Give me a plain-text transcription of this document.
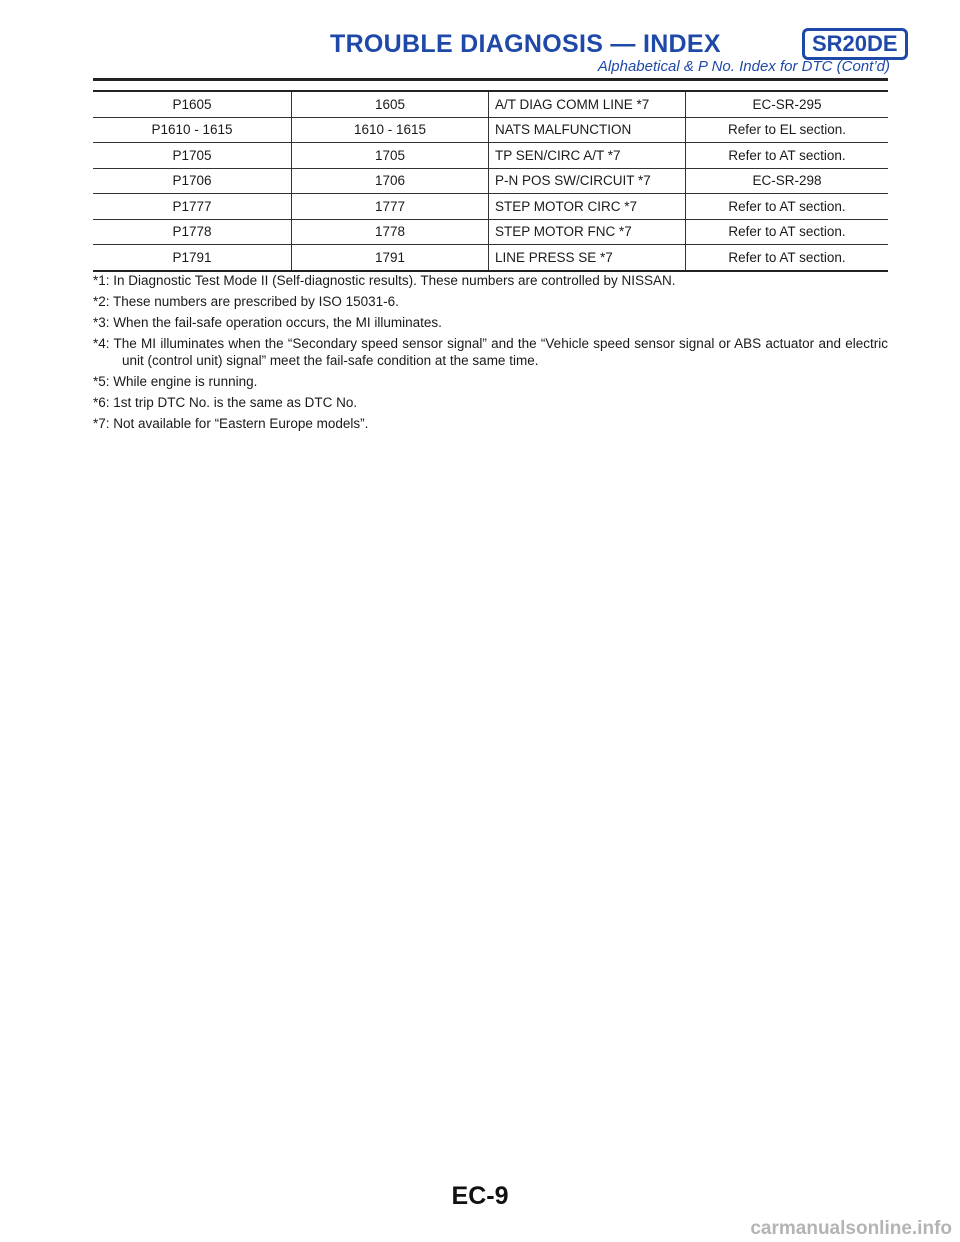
TROUBLE DIAGNOSIS — INDEX	SR20DE
Alphabetical & P No. Index for DTC (Cont’d)
P1605	1605	A/T DIAG COMM LINE *7	EC-SR-295
P1610 - 1615	1610 - 1615	NATS MALFUNCTION	Refer to EL section.
P1705	1705	TP SEN/CIRC A/T *7	Refer to AT section.
P1706	1706	P-N POS SW/CIRCUIT *7	EC-SR-298
P1777	1777	STEP MOTOR CIRC *7	Refer to AT section.
P1778	1778	STEP MOTOR FNC *7	Refer to AT section.
P1791	1791	LINE PRESS SE *7	Refer to AT section.

*1: In Diagnostic Test Mode II (Self-diagnostic results). These numbers are controlled by NISSAN.

*2: These numbers are prescribed by ISO 15031-6.

*3: When the fail-safe operation occurs, the MI illuminates.

*4: The MI illuminates when the “Secondary speed sensor signal” and the “Vehicle speed sensor signal or ABS actuator and electric unit (control unit) signal” meet the fail-safe condition at the same time.

*5: While engine is running.

*6: 1st trip DTC No. is the same as DTC No.

*7: Not available for “Eastern Europe models”.

EC-9
carmanualsonline.info
